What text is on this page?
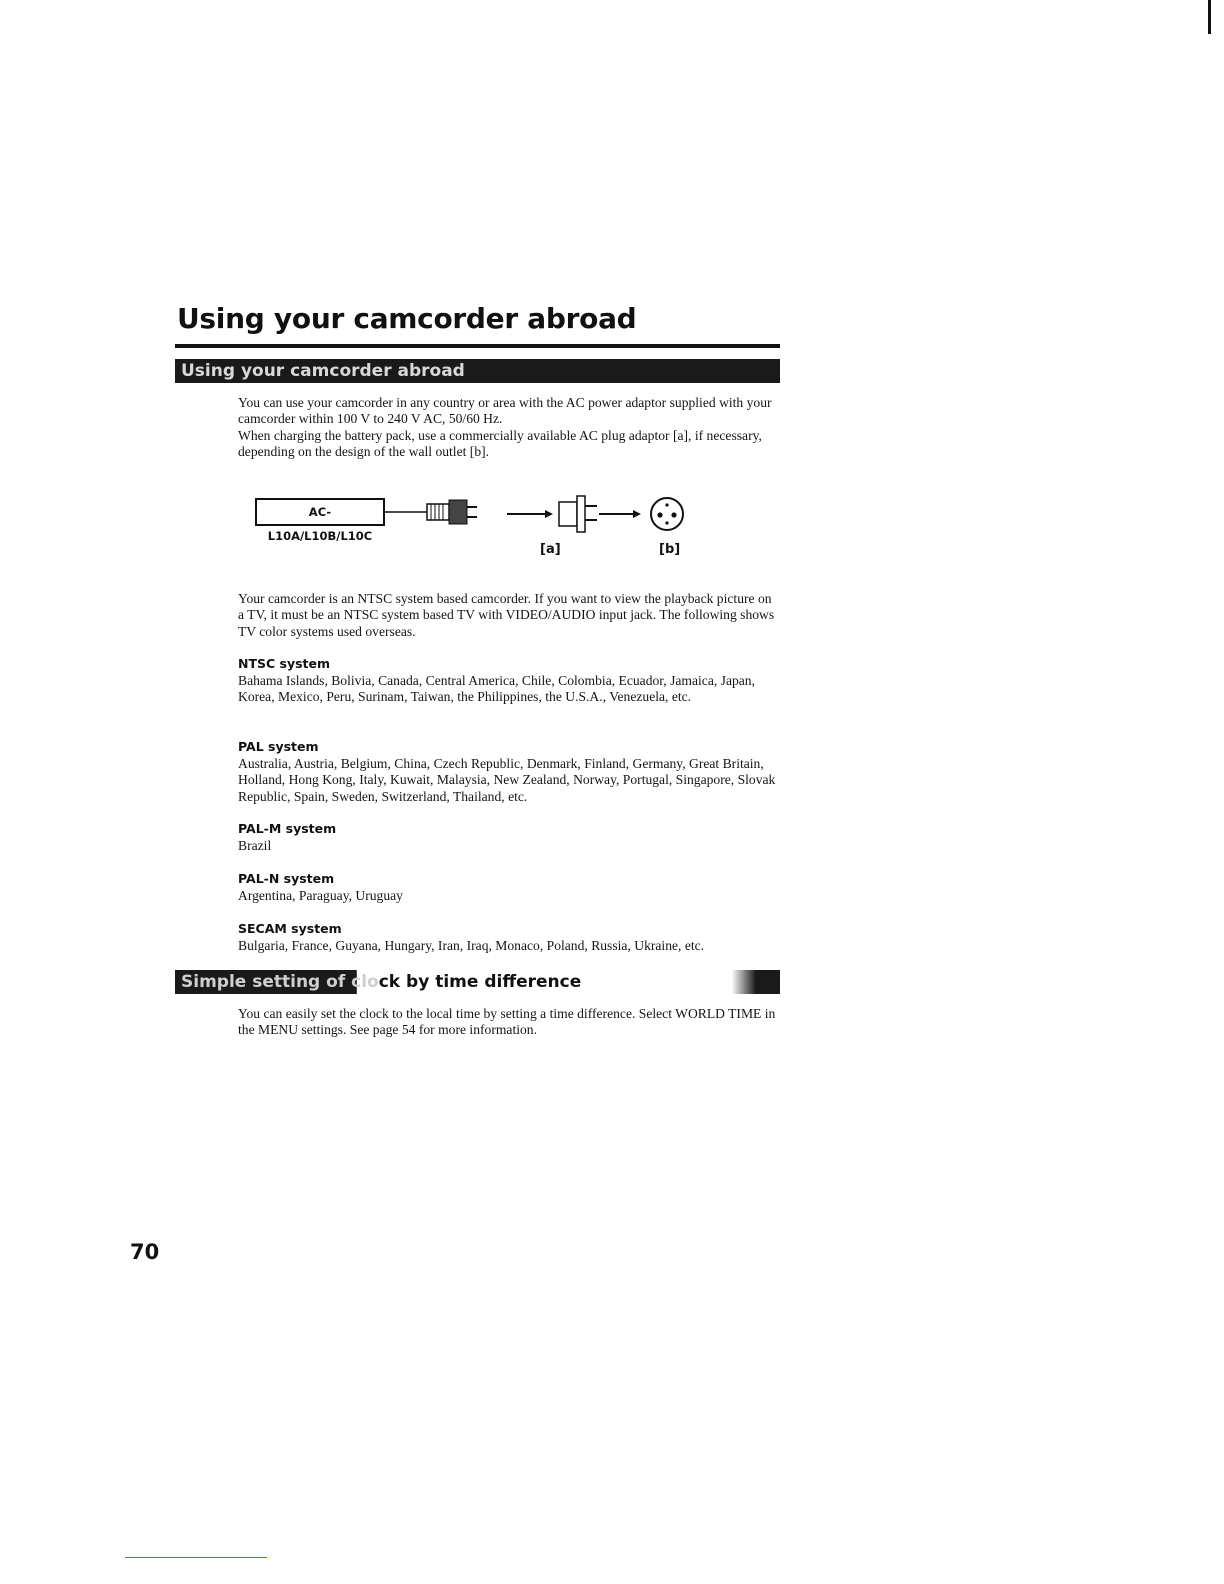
Using your camcorder abroad
Using your camcorder abroad

You can use your camcorder in any country or area with the AC power adaptor supplied with your camcorder within 100 V to 240 V AC, 50/60 Hz.
When charging the battery pack, use a commercially available AC plug adaptor [a], if necessary, depending on the design of the wall outlet [b].

AC-L10A/L10B/L10C
[a]	[b]

Your camcorder is an NTSC system based camcorder. If you want to view the playback picture on a TV, it must be an NTSC system based TV with VIDEO/AUDIO input jack. The following shows TV color systems used overseas.

NTSC system

Bahama Islands, Bolivia, Canada, Central America, Chile, Colombia, Ecuador, Jamaica, Japan, Korea, Mexico, Peru, Surinam, Taiwan, the Philippines, the U.S.A., Venezuela, etc.

PAL system

Australia, Austria, Belgium, China, Czech Republic, Denmark, Finland, Germany, Great Britain, Holland, Hong Kong, Italy, Kuwait, Malaysia, New Zealand, Norway, Portugal, Singapore, Slovak Republic, Spain, Sweden, Switzerland, Thailand, etc.

PAL-M system

Brazil

PAL-N system

Argentina, Paraguay, Uruguay

SECAM system

Bulgaria, France, Guyana, Hungary, Iran, Iraq, Monaco, Poland, Russia, Ukraine, etc.

Simple setting of clock by time difference

You can easily set the clock to the local time by setting a time difference. Select WORLD TIME in the MENU settings. See page 54 for more information.

70
